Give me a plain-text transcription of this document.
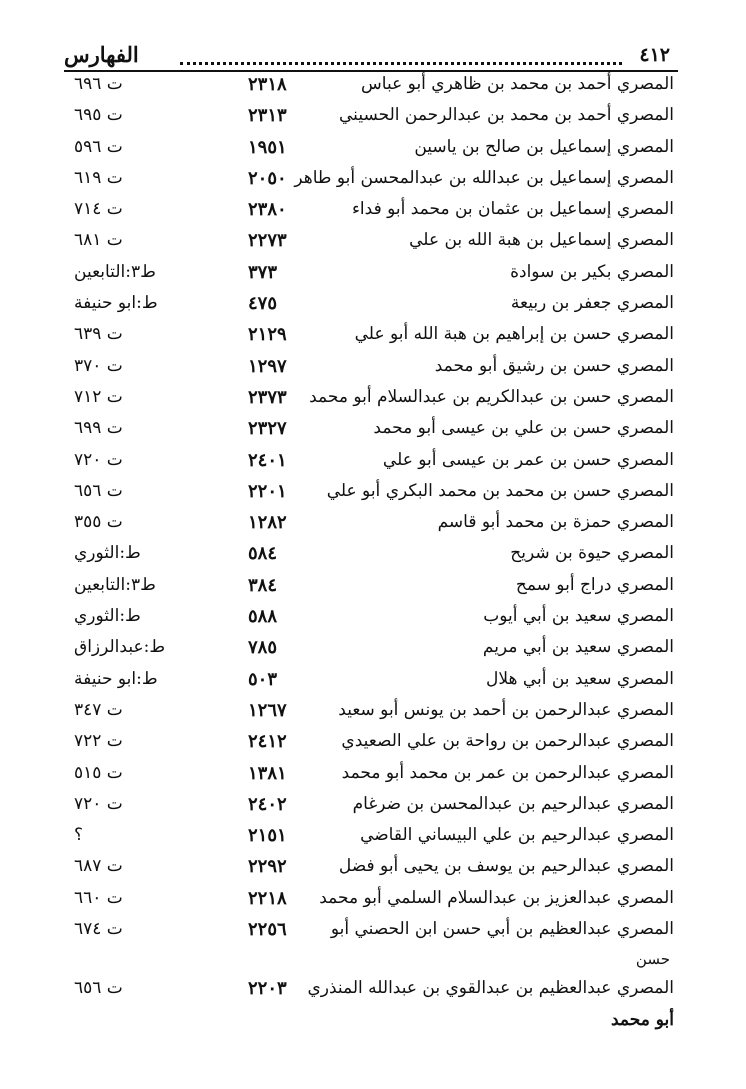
٤١٢
الفهارس
المصري أحمد بن محمد بن ظاهري أبو عباس
٢٣١٨
ت ٦٩٦
المصري أحمد بن محمد بن عبدالرحمن الحسيني
٢٣١٣
ت ٦٩٥
المصري إسماعيل بن صالح بن ياسين
١٩٥١
ت ٥٩٦
المصري إسماعيل بن عبدالله بن عبدالمحسن أبو طاهر
٢٠٥٠
ت ٦١٩
المصري إسماعيل بن عثمان بن محمد أبو فداء
٢٣٨٠
ت ٧١٤
المصري إسماعيل بن هبة الله بن علي
٢٢٧٣
ت ٦٨١
المصري بكير بن سوادة
٣٧٣
ط٣:التابعين
المصري جعفر بن ربيعة
٤٧٥
ط:ابو حنيفة
المصري حسن بن إبراهيم بن هبة الله أبو علي
٢١٢٩
ت ٦٣٩
المصري حسن بن رشيق أبو محمد
١٢٩٧
ت ٣٧٠
المصري حسن بن عبدالكريم بن عبدالسلام أبو محمد
٢٣٧٣
ت ٧١٢
المصري حسن بن علي بن عيسى أبو محمد
٢٣٢٧
ت ٦٩٩
المصري حسن بن عمر بن عيسى أبو علي
٢٤٠١
ت ٧٢٠
المصري حسن بن محمد بن محمد البكري أبو علي
٢٢٠١
ت ٦٥٦
المصري حمزة بن محمد أبو قاسم
١٢٨٢
ت ٣٥٥
المصري حيوة بن شريح
٥٨٤
ط:الثوري
المصري دراج أبو سمح
٣٨٤
ط٣:التابعين
المصري سعيد بن أبي أيوب
٥٨٨
ط:الثوري
المصري سعيد بن أبي مريم
٧٨٥
ط:عبدالرزاق
المصري سعيد بن أبي هلال
٥٠٣
ط:ابو حنيفة
المصري عبدالرحمن بن أحمد بن يونس أبو سعيد
١٢٦٧
ت ٣٤٧
المصري عبدالرحمن بن رواحة بن علي الصعيدي
٢٤١٢
ت ٧٢٢
المصري عبدالرحمن بن عمر بن محمد أبو محمد
١٣٨١
ت ٥١٥
المصري عبدالرحيم بن عبدالمحسن بن ضرغام
٢٤٠٢
ت ٧٢٠
المصري عبدالرحيم بن علي البيساني القاضي
٢١٥١
؟
المصري عبدالرحيم بن يوسف بن يحيى أبو فضل
٢٢٩٢
ت ٦٨٧
المصري عبدالعزيز بن عبدالسلام السلمي أبو محمد
٢٢١٨
ت ٦٦٠
المصري عبدالعظيم بن أبي حسن ابن الحصني أبو
٢٢٥٦
ت ٦٧٤
حسن
المصري عبدالعظيم بن عبدالقوي بن عبدالله المنذري
٢٢٠٣
ت ٦٥٦
أبو محمد
